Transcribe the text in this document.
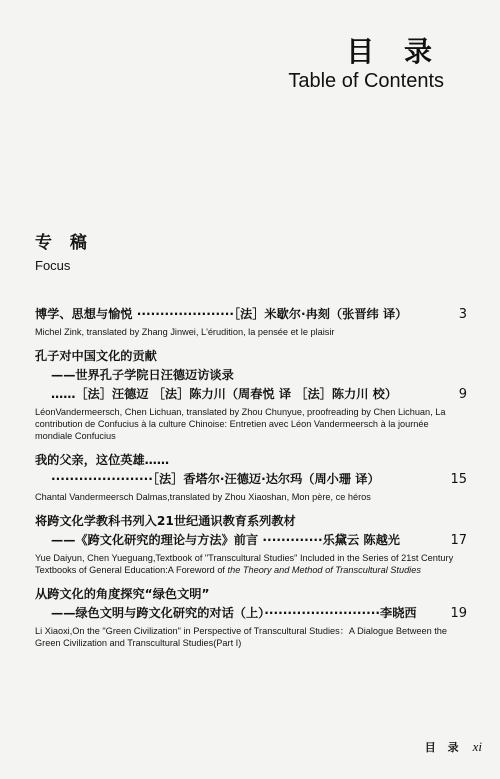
目 录
Table of Contents
专 稿
Focus
博学、思想与愉悦 ·····················［法］米歇尔·冉刻（张晋纬 译）	3
Michel Zink, translated by Zhang Jinwei, L'érudition, la pensée et le plaisir
孔子对中国文化的贡献
——世界孔子学院日汪德迈访谈录
……［法］汪德迈 ［法］陈力川（周春悦 译 ［法］陈力川 校）	9
LéonVandermeersch, Chen Lichuan, translated by Zhou Chunyue, proofreading by Chen Lichuan, La contribution de Confucius à la culture Chinoise: Entretien avec Léon Vandermeersch à la journée mondiale Confucius
我的父亲，这位英雄……
······················［法］香塔尔·汪德迈·达尔玛（周小珊 译）	15
Chantal Vandermeersch Dalmas,translated by Zhou Xiaoshan, Mon père, ce héros
将跨文化学教科书列入21世纪通识教育系列教材
——《跨文化研究的理论与方法》前言 ·············乐黛云 陈越光	17
Yue Daiyun, Chen Yueguang,Textbook of "Transcultural Studies" Included in the Series of 21st Century Textbooks of General Education:A Foreword of the Theory and Method of Transcultural Studies
从跨文化的角度探究“绿色文明”
——绿色文明与跨文化研究的对话（上）·························李晓西	19
Li Xiaoxi,On the "Green Civilization" in Perspective of Transcultural Studies：A Dialogue Between the Green Civilization and Transcultural Studies(Part I)
目 录 xi
